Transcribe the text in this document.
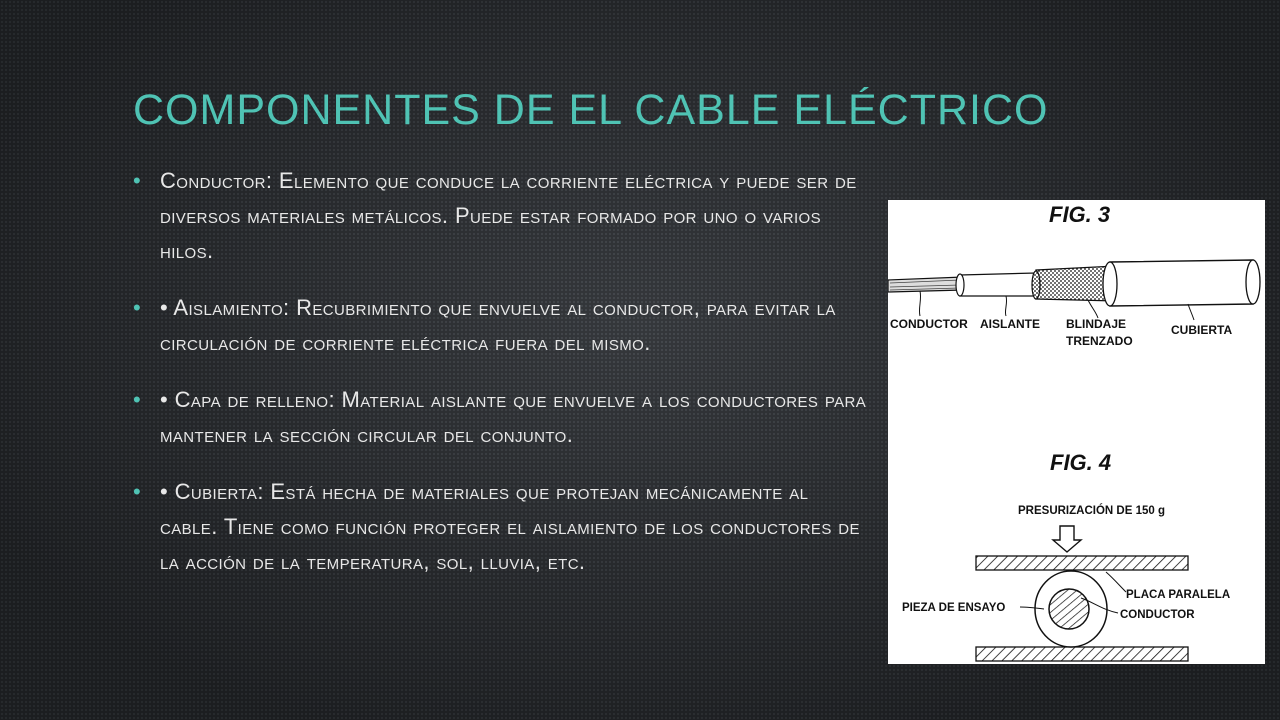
COMPONENTES DE EL CABLE ELÉCTRICO
• Conductor: Elemento que conduce la corriente eléctrica y puede ser de diversos materiales metálicos. Puede estar formado por uno o varios hilos.
• • Aislamiento: Recubrimiento que envuelve al conductor, para evitar la circulación de corriente eléctrica fuera del mismo.
• • Capa de relleno: Material aislante que envuelve a los conductores para mantener la sección circular del conjunto.
• • Cubierta: Está hecha de materiales que protejan mecánicamente al cable. Tiene como función proteger el aislamiento de los conductores de la acción de la temperatura, sol, lluvia, etc.
FIG. 3
CONDUCTOR AISLANTE BLINDAJE
TRENZADO
CUBIERTA
FIG. 4
PRESURIZACIÓN DE 150 g
PLACA PARALELA
CONDUCTOR
PIEZA DE ENSAYO
